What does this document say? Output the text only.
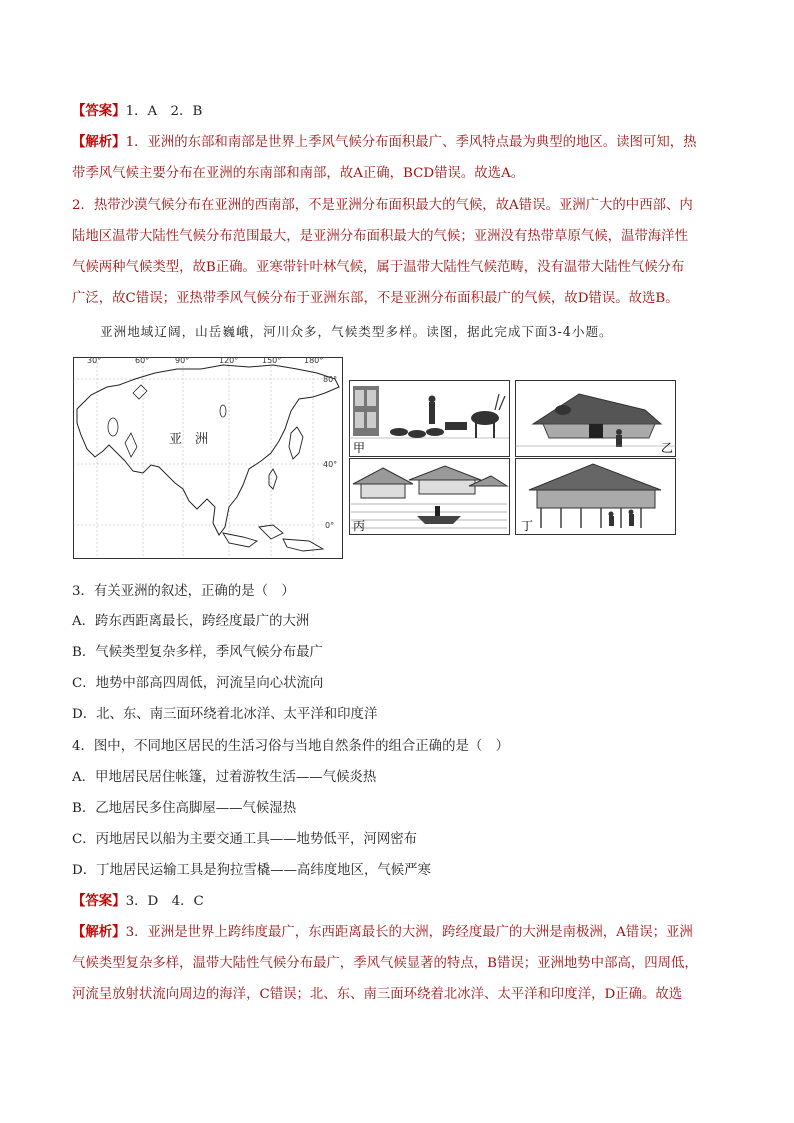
【答案】1．A　2．B
【解析】1．亚洲的东部和南部是世界上季风气候分布面积最广、季风特点最为典型的地区。读图可知，热
带季风气候主要分布在亚洲的东南部和南部，故A正确，BCD错误。故选A。
2．热带沙漠气候分布在亚洲的西南部，不是亚洲分布面积最大的气候，故A错误。亚洲广大的中西部、内
陆地区温带大陆性气候分布范围最大，是亚洲分布面积最大的气候；亚洲没有热带草原气候，温带海洋性
气候两种气候类型，故B正确。亚寒带针叶林气候，属于温带大陆性气候范畴，没有温带大陆性气候分布
广泛，故C错误；亚热带季风气候分布于亚洲东部，不是亚洲分布面积最广的气候，故D错误。故选B。
亚洲地域辽阔，山岳巍峨，河川众多，气候类型多样。读图，据此完成下面3-4小题。
亚　洲
30°	60°	90°	120°	150°	180°
80°
40°
0°
甲	乙
丙	丁
3．有关亚洲的叙述，正确的是（　）
A．跨东西距离最长，跨经度最广的大洲
B．气候类型复杂多样，季风气候分布最广
C．地势中部高四周低，河流呈向心状流向
D．北、东、南三面环绕着北冰洋、太平洋和印度洋
4．图中，不同地区居民的生活习俗与当地自然条件的组合正确的是（　）
A．甲地居民居住帐篷，过着游牧生活——气候炎热
B．乙地居民多住高脚屋——气候湿热
C．丙地居民以船为主要交通工具——地势低平，河网密布
D．丁地居民运输工具是狗拉雪橇——高纬度地区，气候严寒
【答案】3．D　4．C
【解析】3．亚洲是世界上跨纬度最广，东西距离最长的大洲，跨经度最广的大洲是南极洲，A错误；亚洲
气候类型复杂多样，温带大陆性气候分布最广，季风气候显著的特点，B错误；亚洲地势中部高，四周低，
河流呈放射状流向周边的海洋，C错误；北、东、南三面环绕着北冰洋、太平洋和印度洋，D正确。故选
